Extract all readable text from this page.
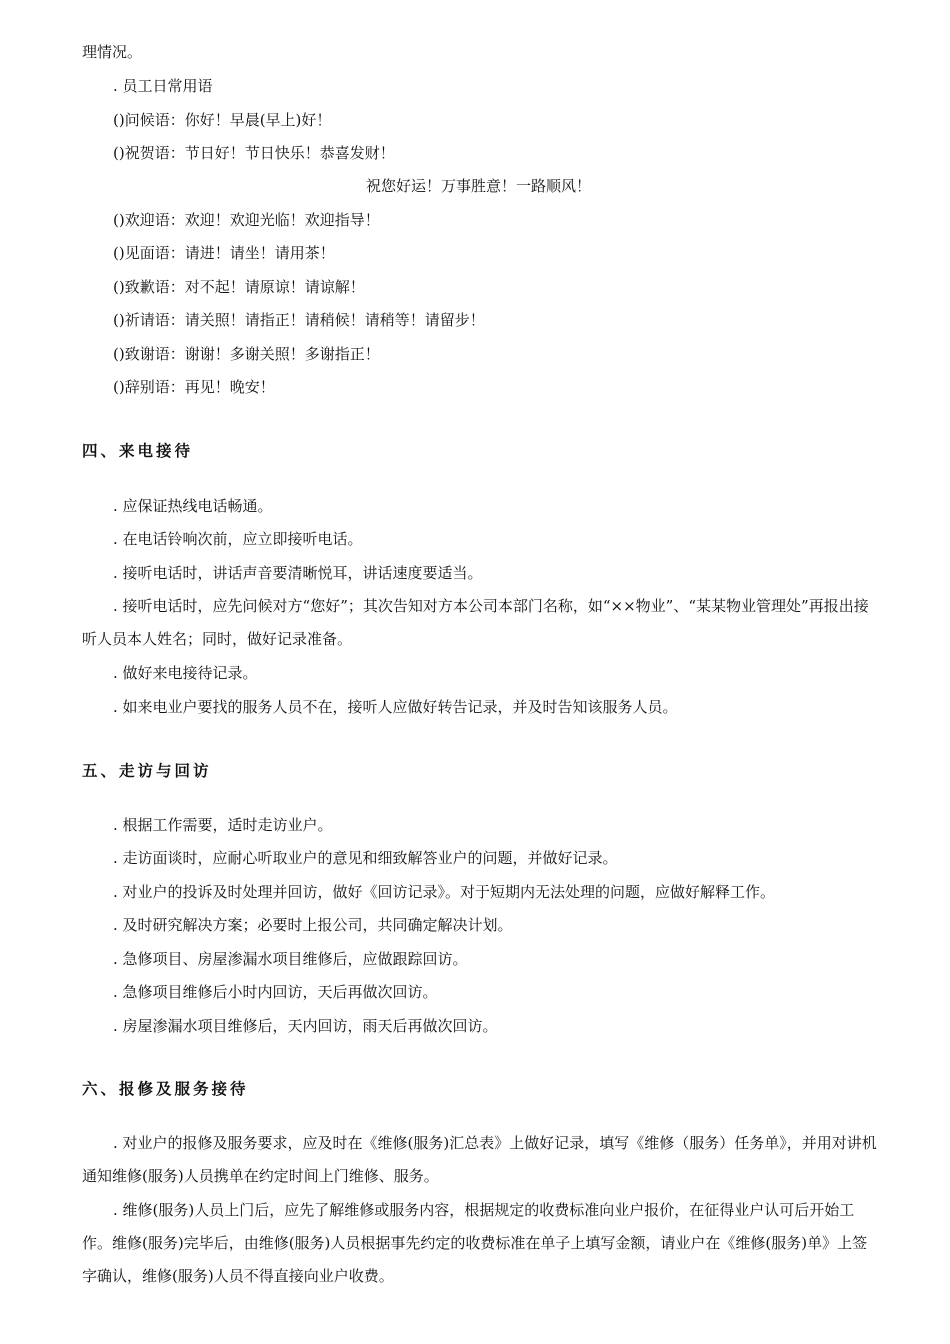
理情况。
. 员工日常用语
()问候语：你好！早晨(早上)好！
()祝贺语：节日好！节日快乐！恭喜发财！
祝您好运！万事胜意！一路顺风！
()欢迎语：欢迎！欢迎光临！欢迎指导！
()见面语：请进！请坐！请用茶！
()致歉语：对不起！请原谅！请谅解！
()祈请语：请关照！请指正！请稍候！请稍等！请留步！
()致谢语：谢谢！多谢关照！多谢指正！
()辞别语：再见！晚安！
四、来电接待
. 应保证热线电话畅通。
. 在电话铃响次前，应立即接听电话。
. 接听电话时，讲话声音要清晰悦耳，讲话速度要适当。
. 接听电话时，应先问候对方“您好”；其次告知对方本公司本部门名称，如“××物业”、“某某物业管理处”再报出接听人员本人姓名；同时，做好记录准备。
. 做好来电接待记录。
. 如来电业户要找的服务人员不在，接听人应做好转告记录，并及时告知该服务人员。
五、走访与回访
. 根据工作需要，适时走访业户。
. 走访面谈时，应耐心听取业户的意见和细致解答业户的问题，并做好记录。
. 对业户的投诉及时处理并回访，做好《回访记录》。对于短期内无法处理的问题，应做好解释工作。
. 及时研究解决方案；必要时上报公司，共同确定解决计划。
. 急修项目、房屋渗漏水项目维修后，应做跟踪回访。
. 急修项目维修后小时内回访，天后再做次回访。
. 房屋渗漏水项目维修后，天内回访，雨天后再做次回访。
六、报修及服务接待
. 对业户的报修及服务要求，应及时在《维修(服务)汇总表》上做好记录，填写《维修（服务）任务单》，并用对讲机通知维修(服务)人员携单在约定时间上门维修、服务。
. 维修(服务)人员上门后，应先了解维修或服务内容，根据规定的收费标准向业户报价，在征得业户认可后开始工作。维修(服务)完毕后，由维修(服务)人员根据事先约定的收费标准在单子上填写金额，请业户在《维修(服务)单》上签字确认，维修(服务)人员不得直接向业户收费。
